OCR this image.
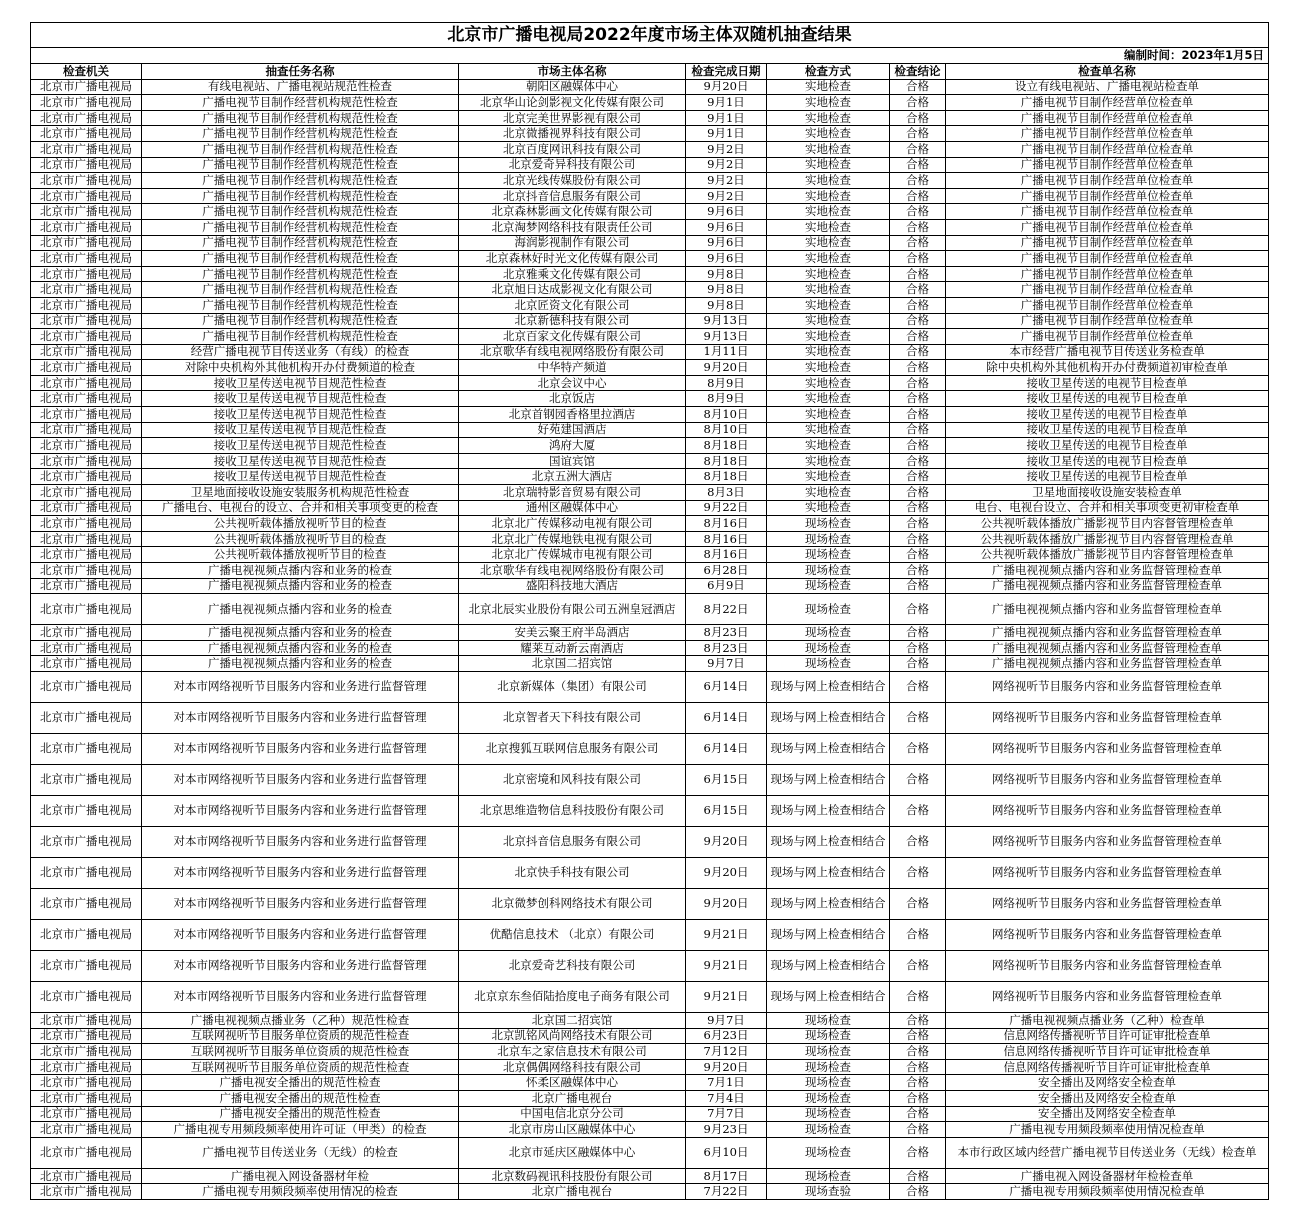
北京市广播电视局2022年度市场主体双随机抽查结果						
编制时间：2023年1月5日						
检查机关	抽查任务名称	市场主体名称	检查完成日期	检查方式	检查结论	检查单名称
北京市广播电视局	有线电视站、广播电视站规范性检查	朝阳区融媒体中心	9月20日	实地检查	合格	设立有线电视站、广播电视站检查单
北京市广播电视局	广播电视节目制作经营机构规范性检查	北京华山论剑影视文化传媒有限公司	9月1日	实地检查	合格	广播电视节目制作经营单位检查单
北京市广播电视局	广播电视节目制作经营机构规范性检查	北京完美世界影视有限公司	9月1日	实地检查	合格	广播电视节目制作经营单位检查单
北京市广播电视局	广播电视节目制作经营机构规范性检查	北京微播视界科技有限公司	9月1日	实地检查	合格	广播电视节目制作经营单位检查单
北京市广播电视局	广播电视节目制作经营机构规范性检查	北京百度网讯科技有限公司	9月2日	实地检查	合格	广播电视节目制作经营单位检查单
北京市广播电视局	广播电视节目制作经营机构规范性检查	北京爱奇异科技有限公司	9月2日	实地检查	合格	广播电视节目制作经营单位检查单
北京市广播电视局	广播电视节目制作经营机构规范性检查	北京光线传媒股份有限公司	9月2日	实地检查	合格	广播电视节目制作经营单位检查单
北京市广播电视局	广播电视节目制作经营机构规范性检查	北京抖音信息服务有限公司	9月2日	实地检查	合格	广播电视节目制作经营单位检查单
北京市广播电视局	广播电视节目制作经营机构规范性检查	北京森林影画文化传媒有限公司	9月6日	实地检查	合格	广播电视节目制作经营单位检查单
北京市广播电视局	广播电视节目制作经营机构规范性检查	北京淘梦网络科技有限责任公司	9月6日	实地检查	合格	广播电视节目制作经营单位检查单
北京市广播电视局	广播电视节目制作经营机构规范性检查	海润影视制作有限公司	9月6日	实地检查	合格	广播电视节目制作经营单位检查单
北京市广播电视局	广播电视节目制作经营机构规范性检查	北京森林好时光文化传媒有限公司	9月6日	实地检查	合格	广播电视节目制作经营单位检查单
北京市广播电视局	广播电视节目制作经营机构规范性检查	北京雅乘文化传媒有限公司	9月8日	实地检查	合格	广播电视节目制作经营单位检查单
北京市广播电视局	广播电视节目制作经营机构规范性检查	北京旭日达成影视文化有限公司	9月8日	实地检查	合格	广播电视节目制作经营单位检查单
北京市广播电视局	广播电视节目制作经营机构规范性检查	北京匠资文化有限公司	9月8日	实地检查	合格	广播电视节目制作经营单位检查单
北京市广播电视局	广播电视节目制作经营机构规范性检查	北京新德科技有限公司	9月13日	实地检查	合格	广播电视节目制作经营单位检查单
北京市广播电视局	广播电视节目制作经营机构规范性检查	北京百家文化传媒有限公司	9月13日	实地检查	合格	广播电视节目制作经营单位检查单
北京市广播电视局	经营广播电视节目传送业务（有线）的检查	北京歌华有线电视网络股份有限公司	1月11日	实地检查	合格	本市经营广播电视节目传送业务检查单
北京市广播电视局	对除中央机构外其他机构开办付费频道的检查	中华特产频道	9月20日	实地检查	合格	除中央机构外其他机构开办付费频道初审检查单
北京市广播电视局	接收卫星传送电视节目规范性检查	北京会议中心	8月9日	实地检查	合格	接收卫星传送的电视节目检查单
北京市广播电视局	接收卫星传送电视节目规范性检查	北京饭店	8月9日	实地检查	合格	接收卫星传送的电视节目检查单
北京市广播电视局	接收卫星传送电视节目规范性检查	北京首钢园香格里拉酒店	8月10日	实地检查	合格	接收卫星传送的电视节目检查单
北京市广播电视局	接收卫星传送电视节目规范性检查	好苑建国酒店	8月10日	实地检查	合格	接收卫星传送的电视节目检查单
北京市广播电视局	接收卫星传送电视节目规范性检查	鸿府大厦	8月18日	实地检查	合格	接收卫星传送的电视节目检查单
北京市广播电视局	接收卫星传送电视节目规范性检查	国谊宾馆	8月18日	实地检查	合格	接收卫星传送的电视节目检查单
北京市广播电视局	接收卫星传送电视节目规范性检查	北京五洲大酒店	8月18日	实地检查	合格	接收卫星传送的电视节目检查单
北京市广播电视局	卫星地面接收设施安装服务机构规范性检查	北京瑞特影音贸易有限公司	8月3日	实地检查	合格	卫星地面接收设施安装检查单
北京市广播电视局	广播电台、电视台的设立、合并和相关事项变更的检查	通州区融媒体中心	9月22日	实地检查	合格	电台、电视台设立、合并和相关事项变更初审检查单
北京市广播电视局	公共视听载体播放视听节目的检查	北京北广传媒移动电视有限公司	8月16日	现场检查	合格	公共视听载体播放广播影视节目内容督管理检查单
北京市广播电视局	公共视听载体播放视听节目的检查	北京北广传媒地铁电视有限公司	8月16日	现场检查	合格	公共视听载体播放广播影视节目内容督管理检查单
北京市广播电视局	公共视听载体播放视听节目的检查	北京北广传媒城市电视有限公司	8月16日	现场检查	合格	公共视听载体播放广播影视节目内容督管理检查单
北京市广播电视局	广播电视视频点播内容和业务的检查	北京歌华有线电视网络股份有限公司	6月28日	现场检查	合格	广播电视视频点播内容和业务监督管理检查单
北京市广播电视局	广播电视视频点播内容和业务的检查	盛阳科技地大酒店	6月9日	现场检查	合格	广播电视视频点播内容和业务监督管理检查单
北京市广播电视局	广播电视视频点播内容和业务的检查	北京北辰实业股份有限公司五洲皇冠酒店	8月22日	现场检查	合格	广播电视视频点播内容和业务监督管理检查单
北京市广播电视局	广播电视视频点播内容和业务的检查	安美云聚王府半岛酒店	8月23日	现场检查	合格	广播电视视频点播内容和业务监督管理检查单
北京市广播电视局	广播电视视频点播内容和业务的检查	耀莱互动新云南酒店	8月23日	现场检查	合格	广播电视视频点播内容和业务监督管理检查单
北京市广播电视局	广播电视视频点播内容和业务的检查	北京国二招宾馆	9月7日	现场检查	合格	广播电视视频点播内容和业务监督管理检查单
北京市广播电视局	对本市网络视听节目服务内容和业务进行监督管理	北京新媒体（集团）有限公司	6月14日	现场与网上检查相结合	合格	网络视听节目服务内容和业务监督管理检查单
北京市广播电视局	对本市网络视听节目服务内容和业务进行监督管理	北京智者天下科技有限公司	6月14日	现场与网上检查相结合	合格	网络视听节目服务内容和业务监督管理检查单
北京市广播电视局	对本市网络视听节目服务内容和业务进行监督管理	北京搜狐互联网信息服务有限公司	6月14日	现场与网上检查相结合	合格	网络视听节目服务内容和业务监督管理检查单
北京市广播电视局	对本市网络视听节目服务内容和业务进行监督管理	北京密境和风科技有限公司	6月15日	现场与网上检查相结合	合格	网络视听节目服务内容和业务监督管理检查单
北京市广播电视局	对本市网络视听节目服务内容和业务进行监督管理	北京思维造物信息科技股份有限公司	6月15日	现场与网上检查相结合	合格	网络视听节目服务内容和业务监督管理检查单
北京市广播电视局	对本市网络视听节目服务内容和业务进行监督管理	北京抖音信息服务有限公司	9月20日	现场与网上检查相结合	合格	网络视听节目服务内容和业务监督管理检查单
北京市广播电视局	对本市网络视听节目服务内容和业务进行监督管理	北京快手科技有限公司	9月20日	现场与网上检查相结合	合格	网络视听节目服务内容和业务监督管理检查单
北京市广播电视局	对本市网络视听节目服务内容和业务进行监督管理	北京微梦创科网络技术有限公司	9月20日	现场与网上检查相结合	合格	网络视听节目服务内容和业务监督管理检查单
北京市广播电视局	对本市网络视听节目服务内容和业务进行监督管理	优酷信息技术 （北京）有限公司	9月21日	现场与网上检查相结合	合格	网络视听节目服务内容和业务监督管理检查单
北京市广播电视局	对本市网络视听节目服务内容和业务进行监督管理	北京爱奇艺科技有限公司	9月21日	现场与网上检查相结合	合格	网络视听节目服务内容和业务监督管理检查单
北京市广播电视局	对本市网络视听节目服务内容和业务进行监督管理	北京京东叁佰陆拾度电子商务有限公司	9月21日	现场与网上检查相结合	合格	网络视听节目服务内容和业务监督管理检查单
北京市广播电视局	广播电视视频点播业务（乙种）规范性检查	北京国二招宾馆	9月7日	现场检查	合格	广播电视视频点播业务（乙种）检查单
北京市广播电视局	互联网视听节目服务单位资质的规范性检查	北京凯铭风尚网络技术有限公司	6月23日	现场检查	合格	信息网络传播视听节目许可证审批检查单
北京市广播电视局	互联网视听节目服务单位资质的规范性检查	北京车之家信息技术有限公司	7月12日	现场检查	合格	信息网络传播视听节目许可证审批检查单
北京市广播电视局	互联网视听节目服务单位资质的规范性检查	北京偶偶网络科技有限公司	9月20日	现场检查	合格	信息网络传播视听节目许可证审批检查单
北京市广播电视局	广播电视安全播出的规范性检查	怀柔区融媒体中心	7月1日	现场检查	合格	安全播出及网络安全检查单
北京市广播电视局	广播电视安全播出的规范性检查	北京广播电视台	7月4日	现场检查	合格	安全播出及网络安全检查单
北京市广播电视局	广播电视安全播出的规范性检查	中国电信北京分公司	7月7日	现场检查	合格	安全播出及网络安全检查单
北京市广播电视局	广播电视专用频段频率使用许可证（甲类）的检查	北京市房山区融媒体中心	9月23日	现场检查	合格	广播电视专用频段频率使用情况检查单
北京市广播电视局	广播电视节目传送业务（无线）的检查	北京市延庆区融媒体中心	6月10日	现场检查	合格	本市行政区域内经营广播电视节目传送业务（无线）检查单
北京市广播电视局	广播电视入网设备器材年检	北京数码视讯科技股份有限公司	8月17日	现场检查	合格	广播电视入网设备器材年检检查单
北京市广播电视局	广播电视专用频段频率使用情况的检查	北京广播电视台	7月22日	现场查验	合格	广播电视专用频段频率使用情况检查单
